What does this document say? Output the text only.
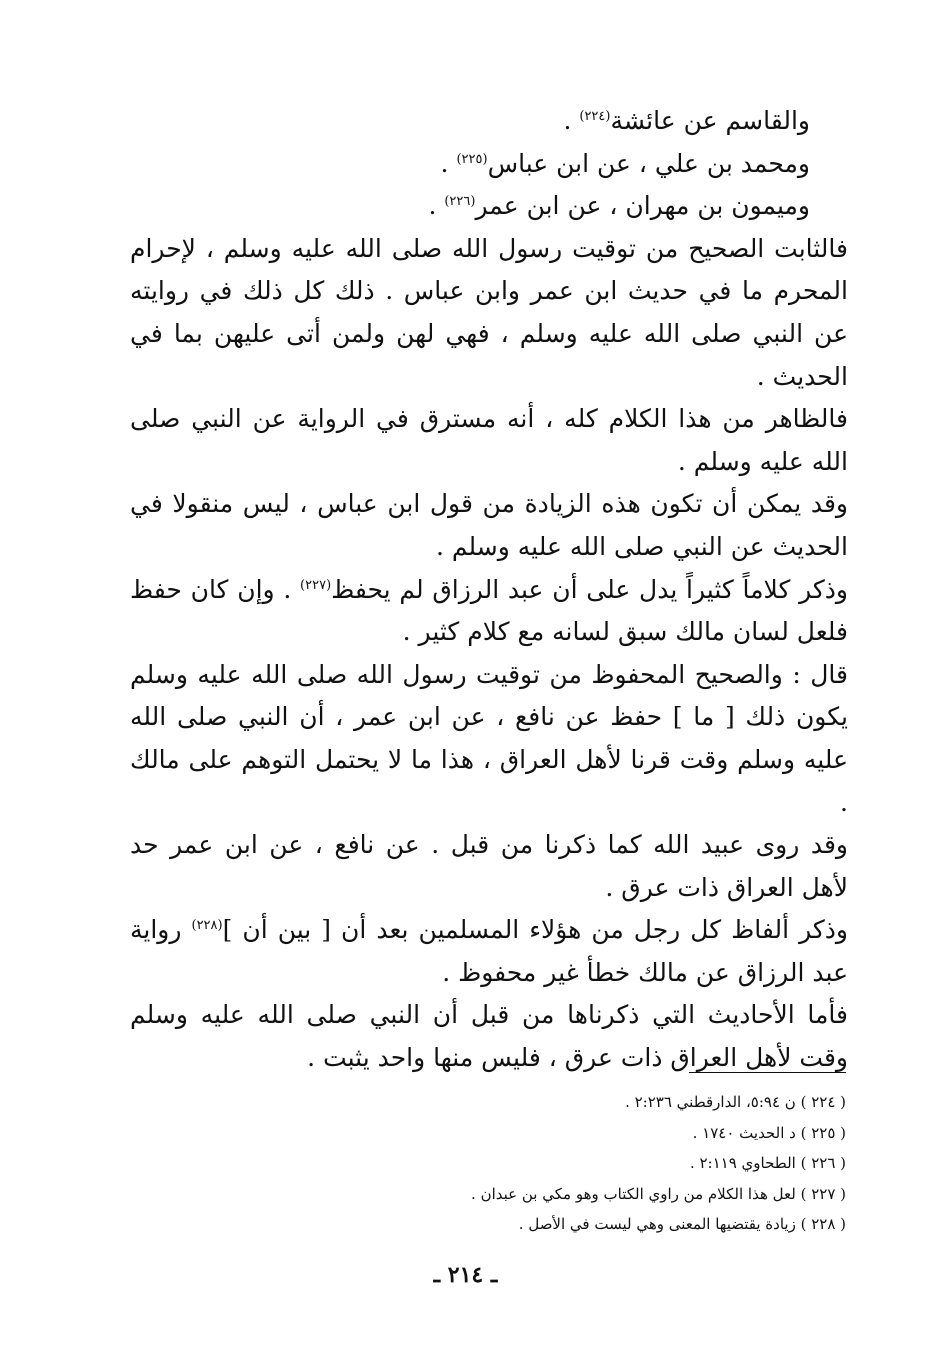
والقاسم عن عائشة$^{(٢٢٤)}$ .

ومحمد بن علي ، عن ابن عباس$^{(٢٢٥)}$ .

وميمون بن مهران ، عن ابن عمر$^{(٢٢٦)}$ .

فالثابت الصحيح من توقيت رسول الله صلى الله عليه وسلم ، لإحرام المحرم ما في حديث ابن عمر وابن عباس . ذلك كل ذلك في روايته عن النبي صلى الله عليه وسلم ، فهي لهن ولمن أتى عليهن بما في الحديث .

فالظاهر من هذا الكلام كله ، أنه مسترق في الرواية عن النبي صلى الله عليه وسلم .

وقد يمكن أن تكون هذه الزيادة من قول ابن عباس ، ليس منقولا في الحديث عن النبي صلى الله عليه وسلم .

وذكر كلاماً كثيراً يدل على أن عبد الرزاق لم يحفظ$^{(٢٢٧)}$ . وإن كان حفظ فلعل لسان مالك سبق لسانه مع كلام كثير .

قال : والصحيح المحفوظ من توقيت رسول الله صلى الله عليه وسلم يكون ذلك [ ما ] حفظ عن نافع ، عن ابن عمر ، أن النبي صلى الله عليه وسلم وقت قرنا لأهل العراق ، هذا ما لا يحتمل التوهم على مالك .

وقد روى عبيد الله كما ذكرنا من قبل . عن نافع ، عن ابن عمر حد لأهل العراق ذات عرق .

وذكر ألفاظ كل رجل من هؤلاء المسلمين بعد أن [ بين أن ]$^{(٢٢٨)}$ رواية عبد الرزاق عن مالك خطأ غير محفوظ .

فأما الأحاديث التي ذكرناها من قبل أن النبي صلى الله عليه وسلم وقت لأهل العراق ذات عرق ، فليس منها واحد يثبت .

( ٢٢٤ ) ن ٥:٩٤، الدارقطني ٢:٢٣٦ .
( ٢٢٥ ) د الحديث ١٧٤٠ .
( ٢٢٦ ) الطحاوي ٢:١١٩ .
( ٢٢٧ ) لعل هذا الكلام من راوي الكتاب وهو مكي بن عبدان .
( ٢٢٨ ) زيادة يقتضيها المعنى وهي ليست في الأصل .
ـ ٢١٤ ـ
